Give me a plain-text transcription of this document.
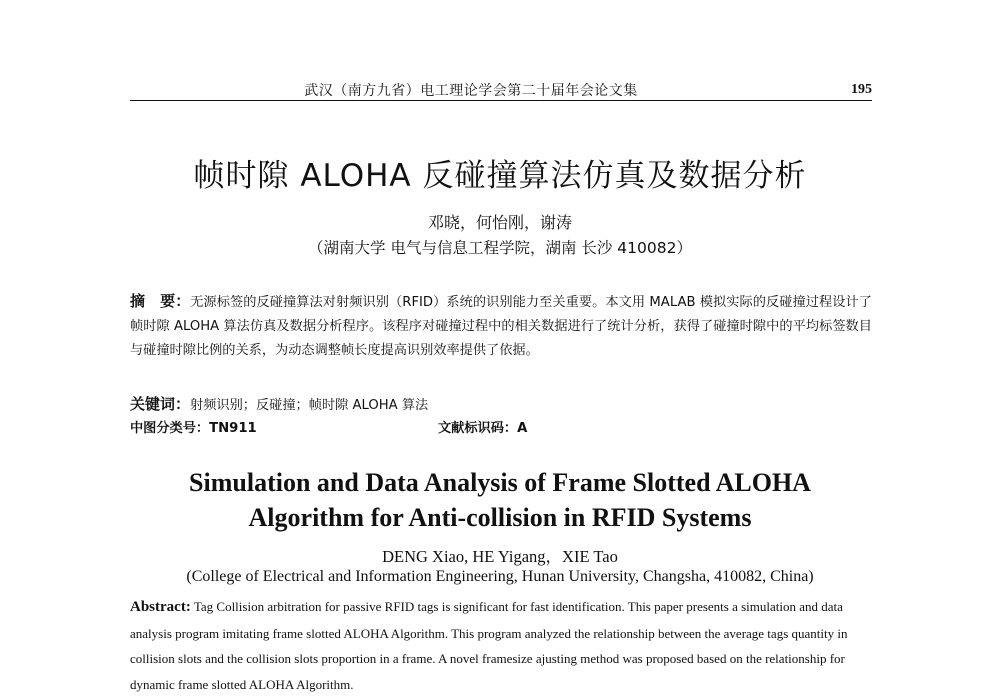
武汉（南方九省）电工理论学会第二十届年会论文集	195
帧时隙 ALOHA 反碰撞算法仿真及数据分析
邓晓，何怡刚，谢涛
（湖南大学 电气与信息工程学院，湖南 长沙 410082）
摘　要：无源标签的反碰撞算法对射频识别（RFID）系统的识别能力至关重要。本文用 MALAB 模拟实际的反碰撞过程设计了帧时隙 ALOHA 算法仿真及数据分析程序。该程序对碰撞过程中的相关数据进行了统计分析，获得了碰撞时隙中的平均标签数目与碰撞时隙比例的关系，为动态调整帧长度提高识别效率提供了依据。
关键词：射频识别；反碰撞；帧时隙 ALOHA 算法
中图分类号：TN911	文献标识码：A
Simulation and Data Analysis of Frame Slotted ALOHA
Algorithm for Anti-collision in RFID Systems
DENG Xiao, HE Yigang，XIE Tao
(College of Electrical and Information Engineering, Hunan University, Changsha, 410082, China)
Abstract: Tag Collision arbitration for passive RFID tags is significant for fast identification. This paper presents a simulation and data analysis program imitating frame slotted ALOHA Algorithm. This program analyzed the relationship between the average tags quantity in collision slots and the collision slots proportion in a frame. A novel framesize ajusting method was proposed based on the relationship for dynamic frame slotted ALOHA Algorithm.
